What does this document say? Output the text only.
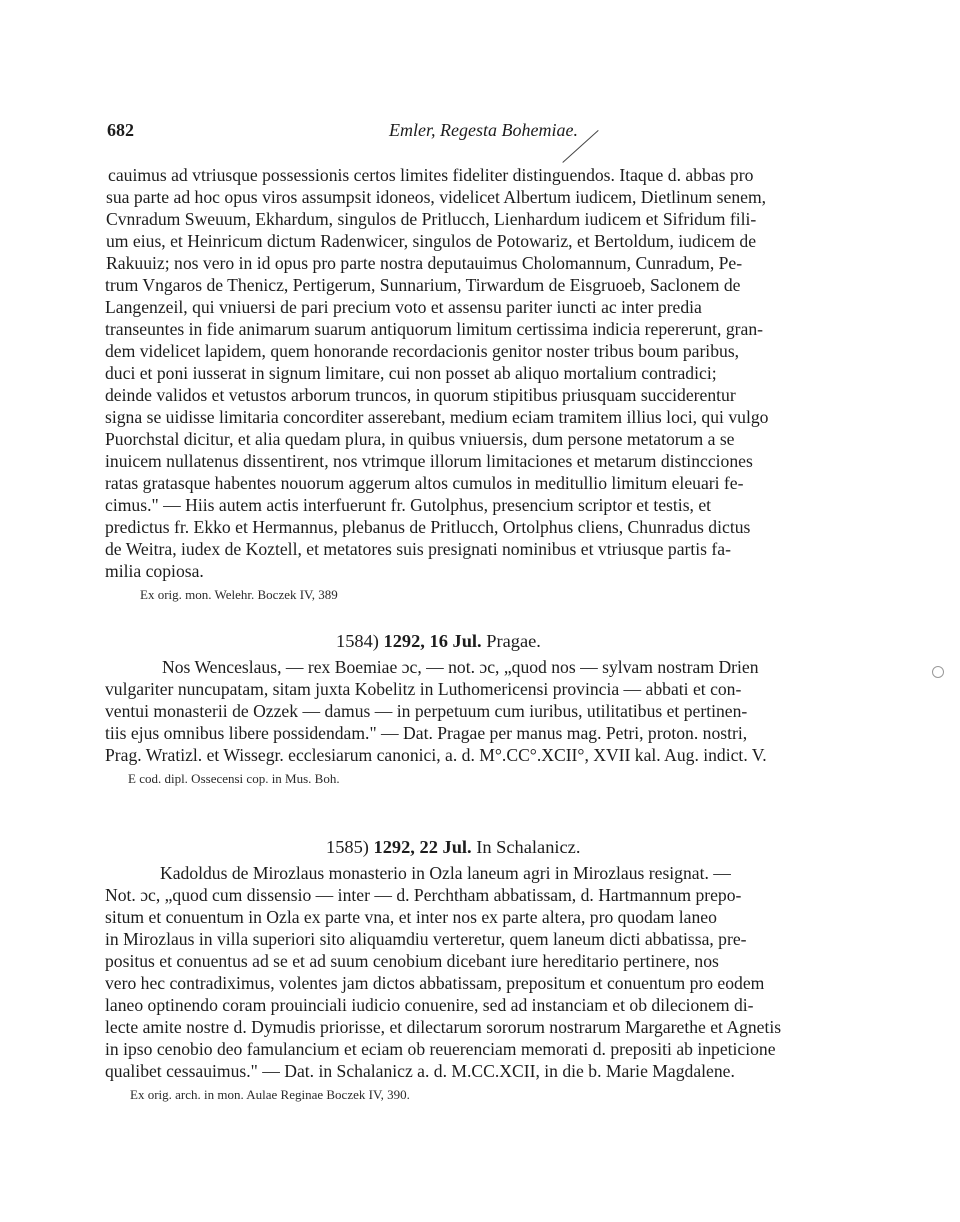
682	Emler, Regesta Bohemiae.
cauimus ad vtriusque possessionis certos limites fideliter distinguendos. Itaque d. abbas pro
sua parte ad hoc opus viros assumpsit idoneos, videlicet Albertum iudicem, Dietlinum senem,
Cvnradum Sweuum, Ekhardum, singulos de Pritlucch, Lienhardum iudicem et Sifridum fili-
um eius, et Heinricum dictum Radenwicer, singulos de Potowariz, et Bertoldum, iudicem de
Rakuuiz; nos vero in id opus pro parte nostra deputauimus Cholomannum, Cunradum, Pe-
trum Vngaros de Thenicz, Pertigerum, Sunnarium, Tirwardum de Eisgruoeb, Saclonem de
Langenzeil, qui vniuersi de pari precium voto et assensu pariter iuncti ac inter predia
transeuntes in fide animarum suarum antiquorum limitum certissima indicia repererunt, gran-
dem videlicet lapidem, quem honorande recordacionis genitor noster tribus boum paribus,
duci et poni iusserat in signum limitare, cui non posset ab aliquo mortalium contradici;
deinde validos et vetustos arborum truncos, in quorum stipitibus priusquam succiderentur
signa se uidisse limitaria concorditer asserebant, medium eciam tramitem illius loci, qui vulgo
Puorchstal dicitur, et alia quedam plura, in quibus vniuersis, dum persone metatorum a se
inuicem nullatenus dissentirent, nos vtrimque illorum limitaciones et metarum distincciones
ratas gratasque habentes nouorum aggerum altos cumulos in meditullio limitum eleuari fe-
cimus." — Hiis autem actis interfuerunt fr. Gutolphus, presencium scriptor et testis, et
predictus fr. Ekko et Hermannus, plebanus de Pritlucch, Ortolphus cliens, Chunradus dictus
de Weitra, iudex de Koztell, et metatores suis presignati nominibus et vtriusque partis fa-
milia copiosa.
Ex orig. mon. Welehr. Boczek IV, 389
1584) 1292, 16 Jul. Pragae.
Nos Wenceslaus, — rex Boemiae ɔc, — not. ɔc, „quod nos — sylvam nostram Drien
vulgariter nuncupatam, sitam juxta Kobelitz in Luthomericensi provincia — abbati et con-
ventui monasterii de Ozzek — damus — in perpetuum cum iuribus, utilitatibus et pertinen-
tiis ejus omnibus libere possidendam." — Dat. Pragae per manus mag. Petri, proton. nostri,
Prag. Wratizl. et Wissegr. ecclesiarum canonici, a. d. M°.CC°.XCII°, XVII kal. Aug. indict. V.
E cod. dipl. Ossecensi cop. in Mus. Boh.
1585) 1292, 22 Jul. In Schalanicz.
Kadoldus de Mirozlaus monasterio in Ozla laneum agri in Mirozlaus resignat. —
Not. ɔc, „quod cum dissensio — inter — d. Perchtham abbatissam, d. Hartmannum prepo-
situm et conuentum in Ozla ex parte vna, et inter nos ex parte altera, pro quodam laneo
in Mirozlaus in villa superiori sito aliquamdiu verteretur, quem laneum dicti abbatissa, pre-
positus et conuentus ad se et ad suum cenobium dicebant iure hereditario pertinere, nos
vero hec contradiximus, volentes jam dictos abbatissam, prepositum et conuentum pro eodem
laneo optinendo coram prouinciali iudicio conuenire, sed ad instanciam et ob dilecionem di-
lecte amite nostre d. Dymudis priorisse, et dilectarum sororum nostrarum Margarethe et Agnetis
in ipso cenobio deo famulancium et eciam ob reuerenciam memorati d. prepositi ab inpeticione
qualibet cessauimus." — Dat. in Schalanicz a. d. M.CC.XCII, in die b. Marie Magdalene.
Ex orig. arch. in mon. Aulae Reginae Boczek IV, 390.
